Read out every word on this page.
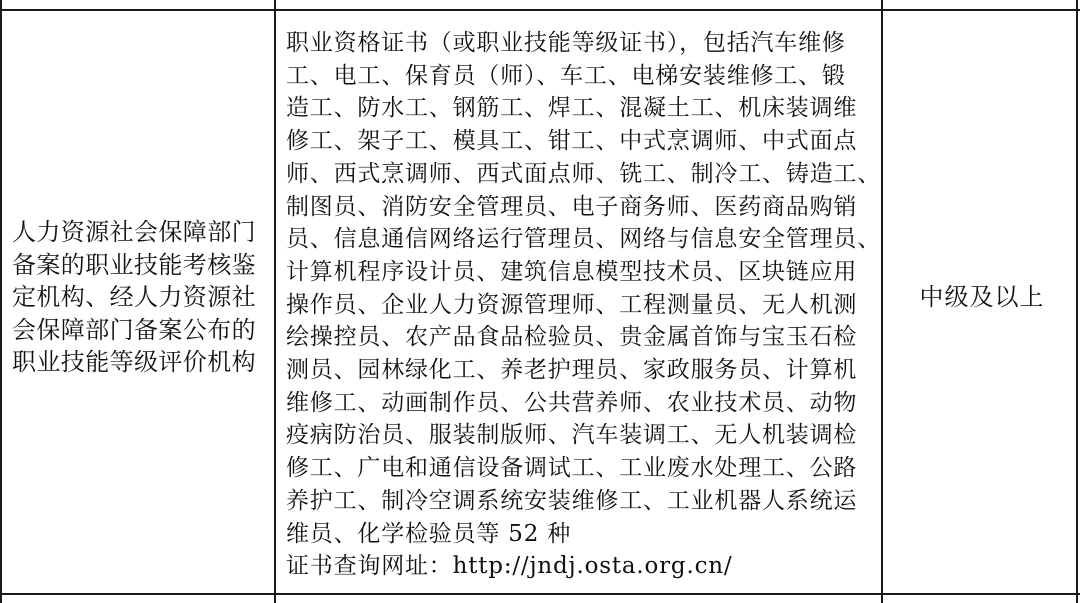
人力资源社会保障部门
备案的职业技能考核鉴
定机构、经人力资源社
会保障部门备案公布的
职业技能等级评价机构
职业资格证书（或职业技能等级证书），包括汽车维修
工、电工、保育员（师）、车工、电梯安装维修工、锻
造工、防水工、钢筋工、焊工、混凝土工、机床装调维
修工、架子工、模具工、钳工、中式烹调师、中式面点
师、西式烹调师、西式面点师、铣工、制冷工、铸造工、
制图员、消防安全管理员、电子商务师、医药商品购销
员、信息通信网络运行管理员、网络与信息安全管理员、
计算机程序设计员、建筑信息模型技术员、区块链应用
操作员、企业人力资源管理师、工程测量员、无人机测
绘操控员、农产品食品检验员、贵金属首饰与宝玉石检
测员、园林绿化工、养老护理员、家政服务员、计算机
维修工、动画制作员、公共营养师、农业技术员、动物
疫病防治员、服装制版师、汽车装调工、无人机装调检
修工、广电和通信设备调试工、工业废水处理工、公路
养护工、制冷空调系统安装维修工、工业机器人系统运
维员、化学检验员等 52 种
证书查询网址：http://jndj.osta.org.cn/
中级及以上
